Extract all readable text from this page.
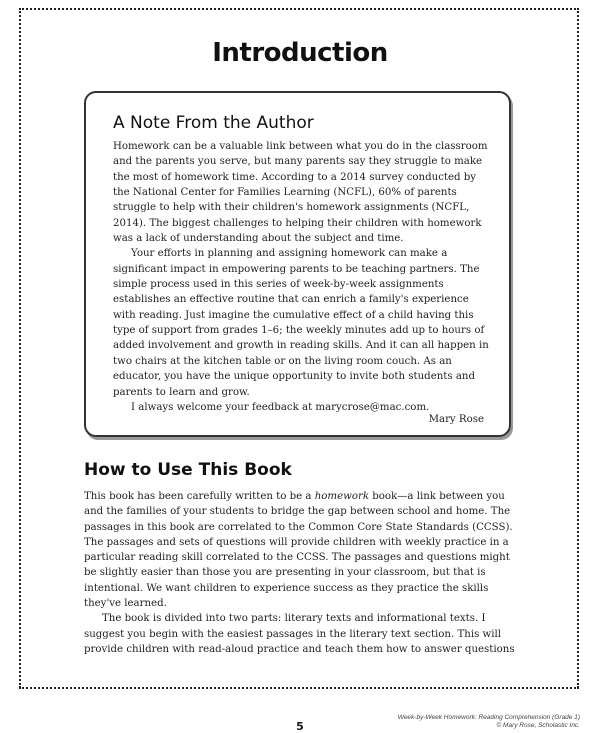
Introduction
A Note From the Author

Homework can be a valuable link between what you do in the classroom and the parents you serve, but many parents say they struggle to make the most of homework time. According to a 2014 survey conducted by the National Center for Families Learning (NCFL), 60% of parents struggle to help with their children's homework assignments (NCFL, 2014). The biggest challenges to helping their children with homework was a lack of understanding about the subject and time.

Your efforts in planning and assigning homework can make a significant impact in empowering parents to be teaching partners. The simple process used in this series of week-by-week assignments establishes an effective routine that can enrich a family's experience with reading. Just imagine the cumulative effect of a child having this type of support from grades 1–6; the weekly minutes add up to hours of added involvement and growth in reading skills. And it can all happen in two chairs at the kitchen table or on the living room couch. As an educator, you have the unique opportunity to invite both students and parents to learn and grow.

I always welcome your feedback at marycrose@mac.com.

Mary Rose
How to Use This Book

This book has been carefully written to be a homework book—a link between you and the families of your students to bridge the gap between school and home. The passages in this book are correlated to the Common Core State Standards (CCSS). The passages and sets of questions will provide children with weekly practice in a particular reading skill correlated to the CCSS. The passages and questions might be slightly easier than those you are presenting in your classroom, but that is intentional. We want children to experience success as they practice the skills they've learned.

The book is divided into two parts: literary texts and informational texts. I suggest you begin with the easiest passages in the literary text section. This will provide children with read-aloud practice and teach them how to answer questions

5
Week-by-Week Homework: Reading Comprehension (Grade 1)
© Mary Rose, Scholastic Inc.
